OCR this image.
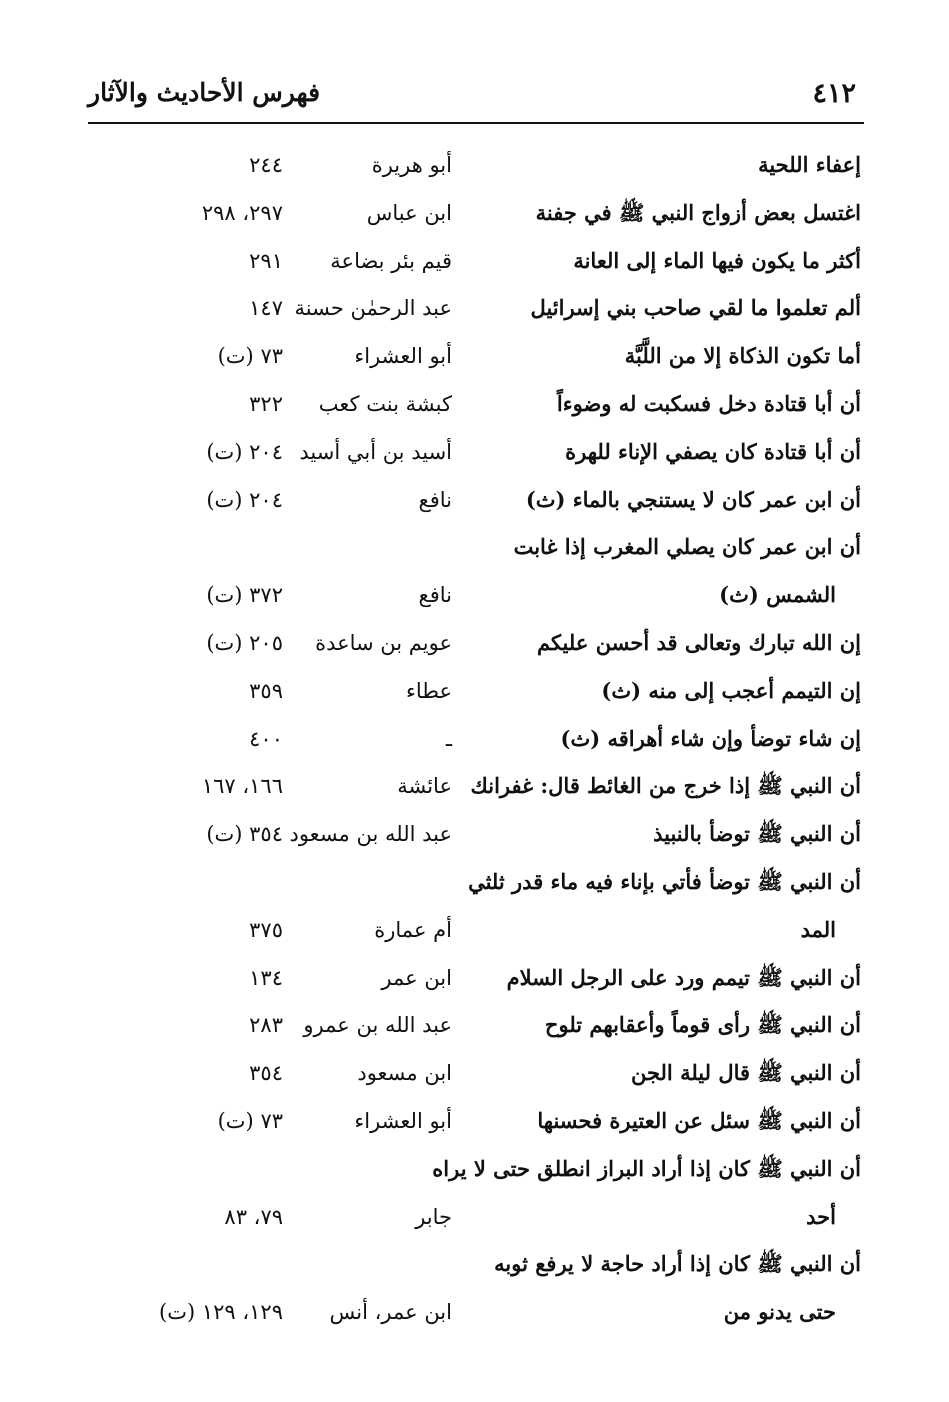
٤١٢
فهرس الأحاديث والآثار
إعفاء اللحية
أبو هريرة
٢٤٤
اغتسل بعض أزواج النبي ﷺ في جفنة
ابن عباس
٢٩٧، ٢٩٨
أكثر ما يكون فيها الماء إلى العانة
قيم بئر بضاعة
٢٩١
ألم تعلموا ما لقي صاحب بني إسرائيل
عبد الرحمٰن حسنة
١٤٧
أما تكون الذكاة إلا من اللَّبَّة
أبو العشراء
٧٣ (ت)
أن أبا قتادة دخل فسكبت له وضوءاً
كبشة بنت كعب
٣٢٢
أن أبا قتادة كان يصفي الإناء للهرة
أسيد بن أبي أسيد
٢٠٤ (ت)
أن ابن عمر كان لا يستنجي بالماء (ث)
نافع
٢٠٤ (ت)
أن ابن عمر كان يصلي المغرب إذا غابت
الشمس (ث)
نافع
٣٧٢ (ت)
إن الله تبارك وتعالى قد أحسن عليكم
عويم بن ساعدة
٢٠٥ (ت)
إن التيمم أعجب إلى منه (ث)
عطاء
٣٥٩
إن شاء توضأ وإن شاء أهراقه (ث)
ـ
٤٠٠
أن النبي ﷺ إذا خرج من الغائط قال: غفرانك
عائشة
١٦٦، ١٦٧
أن النبي ﷺ توضأ بالنبيذ
عبد الله بن مسعود
٣٥٤ (ت)
أن النبي ﷺ توضأ فأتي بإناء فيه ماء قدر ثلثي
المد
أم عمارة
٣٧٥
أن النبي ﷺ تيمم ورد على الرجل السلام
ابن عمر
١٣٤
أن النبي ﷺ رأى قوماً وأعقابهم تلوح
عبد الله بن عمرو
٢٨٣
أن النبي ﷺ قال ليلة الجن
ابن مسعود
٣٥٤
أن النبي ﷺ سئل عن العتيرة فحسنها
أبو العشراء
٧٣ (ت)
أن النبي ﷺ كان إذا أراد البراز انطلق حتى لا يراه
أحد
جابر
٧٩، ٨٣
أن النبي ﷺ كان إذا أراد حاجة لا يرفع ثوبه
حتى يدنو من
ابن عمر، أنس
١٢٩، ١٢٩ (ت)
